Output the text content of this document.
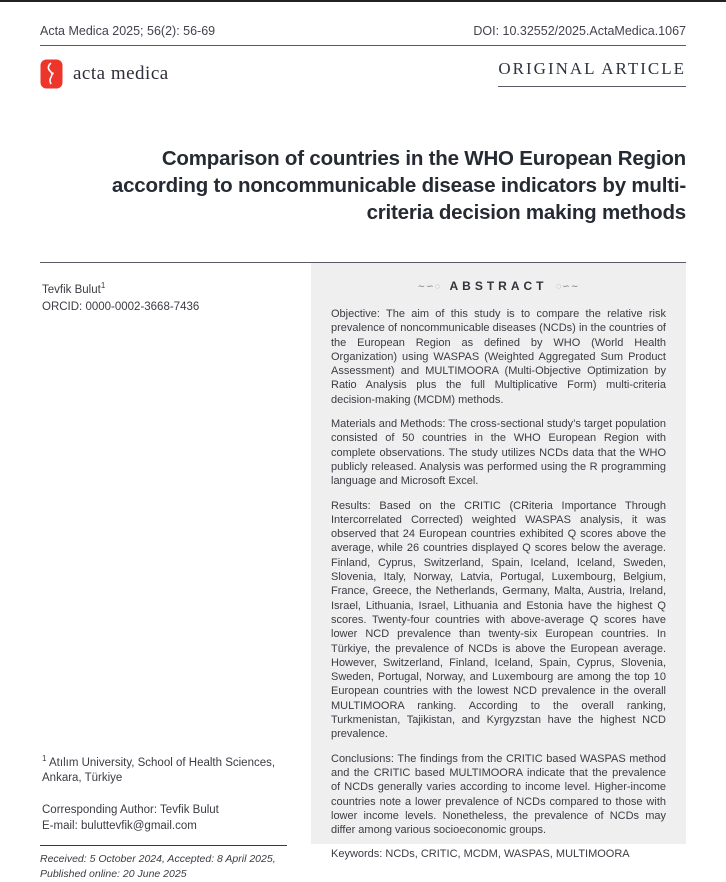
Acta Medica 2025; 56(2): 56-69	DOI: 10.32552/2025.ActaMedica.1067
acta medica	ORIGINAL ARTICLE
Comparison of countries in the WHO European Region according to noncommunicable disease indicators by multi-criteria decision making methods
Tevfik Bulut$^1$
ORCID: 0000-0002-3668-7436

$^1$ Atılım University, School of Health Sciences, Ankara, Türkiye

Corresponding Author: Tevfik Bulut

E-mail: buluttevfik@gmail.com

∼∽◌ ABSTRACT ◌∽∼

Objective: The aim of this study is to compare the relative risk prevalence of noncommunicable diseases (NCDs) in the countries of the European Region as defined by WHO (World Health Organization) using WASPAS (Weighted Aggregated Sum Product Assessment) and MULTIMOORA (Multi-Objective Optimization by Ratio Analysis plus the full Multiplicative Form) multi-criteria decision-making (MCDM) methods.

Materials and Methods: The cross-sectional study’s target population consisted of 50 countries in the WHO European Region with complete observations. The study utilizes NCDs data that the WHO publicly released. Analysis was performed using the R programming language and Microsoft Excel.

Results: Based on the CRITIC (CRiteria Importance Through Intercorrelated Corrected) weighted WASPAS analysis, it was observed that 24 European countries exhibited Q scores above the average, while 26 countries displayed Q scores below the average. Finland, Cyprus, Switzerland, Spain, Iceland, Iceland, Sweden, Slovenia, Italy, Norway, Latvia, Portugal, Luxembourg, Belgium, France, Greece, the Netherlands, Germany, Malta, Austria, Ireland, Israel, Lithuania, Israel, Lithuania and Estonia have the highest Q scores. Twenty-four countries with above-average Q scores have lower NCD prevalence than twenty-six European countries. In Türkiye, the prevalence of NCDs is above the European average. However, Switzerland, Finland, Iceland, Spain, Cyprus, Slovenia, Sweden, Portugal, Norway, and Luxembourg are among the top 10 European countries with the lowest NCD prevalence in the overall MULTIMOORA ranking. According to the overall ranking, Turkmenistan, Tajikistan, and Kyrgyzstan have the highest NCD prevalence.

Conclusions: The findings from the CRITIC based WASPAS method and the CRITIC based MULTIMOORA indicate that the prevalence of NCDs generally varies according to income level. Higher-income countries note a lower prevalence of NCDs compared to those with lower income levels. Nonetheless, the prevalence of NCDs may differ among various socioeconomic groups.

Keywords: NCDs, CRITIC, MCDM, WASPAS, MULTIMOORA

Received: 5 October 2024, Accepted: 8 April 2025,
Published online: 20 June 2025
